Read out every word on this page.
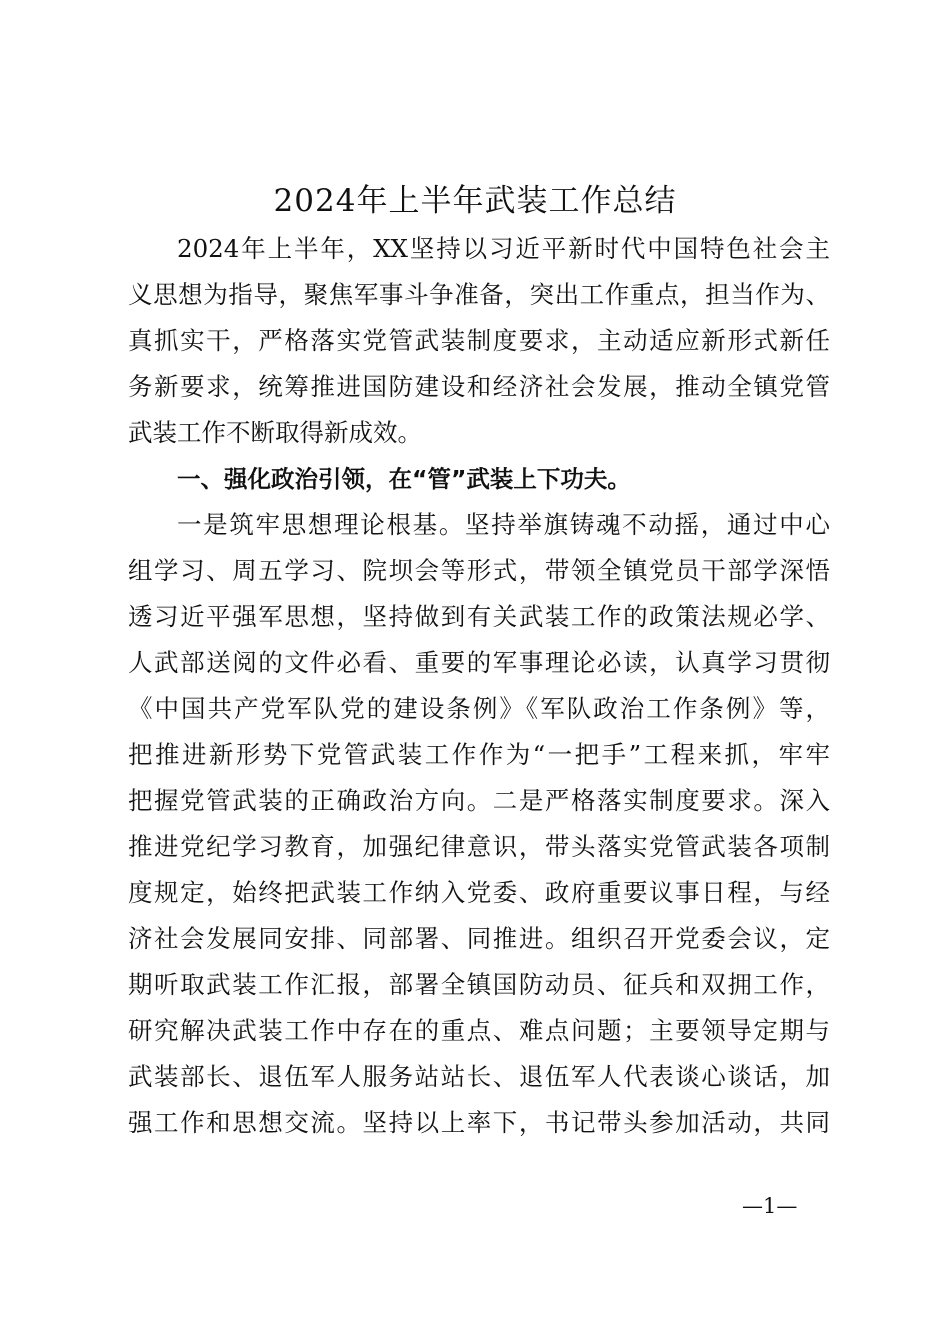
2024年上半年武装工作总结
2024年上半年，XX坚持以习近平新时代中国特色社会主
义思想为指导，聚焦军事斗争准备，突出工作重点，担当作为、
真抓实干，严格落实党管武装制度要求，主动适应新形式新任
务新要求，统筹推进国防建设和经济社会发展，推动全镇党管
武装工作不断取得新成效。
一、强化政治引领，在“管”武装上下功夫。
一是筑牢思想理论根基。坚持举旗铸魂不动摇，通过中心
组学习、周五学习、院坝会等形式，带领全镇党员干部学深悟
透习近平强军思想，坚持做到有关武装工作的政策法规必学、
人武部送阅的文件必看、重要的军事理论必读，认真学习贯彻
《中国共产党军队党的建设条例》《军队政治工作条例》等，
把推进新形势下党管武装工作作为“一把手”工程来抓，牢牢
把握党管武装的正确政治方向。二是严格落实制度要求。深入
推进党纪学习教育，加强纪律意识，带头落实党管武装各项制
度规定，始终把武装工作纳入党委、政府重要议事日程，与经
济社会发展同安排、同部署、同推进。组织召开党委会议，定
期听取武装工作汇报，部署全镇国防动员、征兵和双拥工作，
研究解决武装工作中存在的重点、难点问题；主要领导定期与
武装部长、退伍军人服务站站长、退伍军人代表谈心谈话，加
强工作和思想交流。坚持以上率下，书记带头参加活动，共同
—1—
